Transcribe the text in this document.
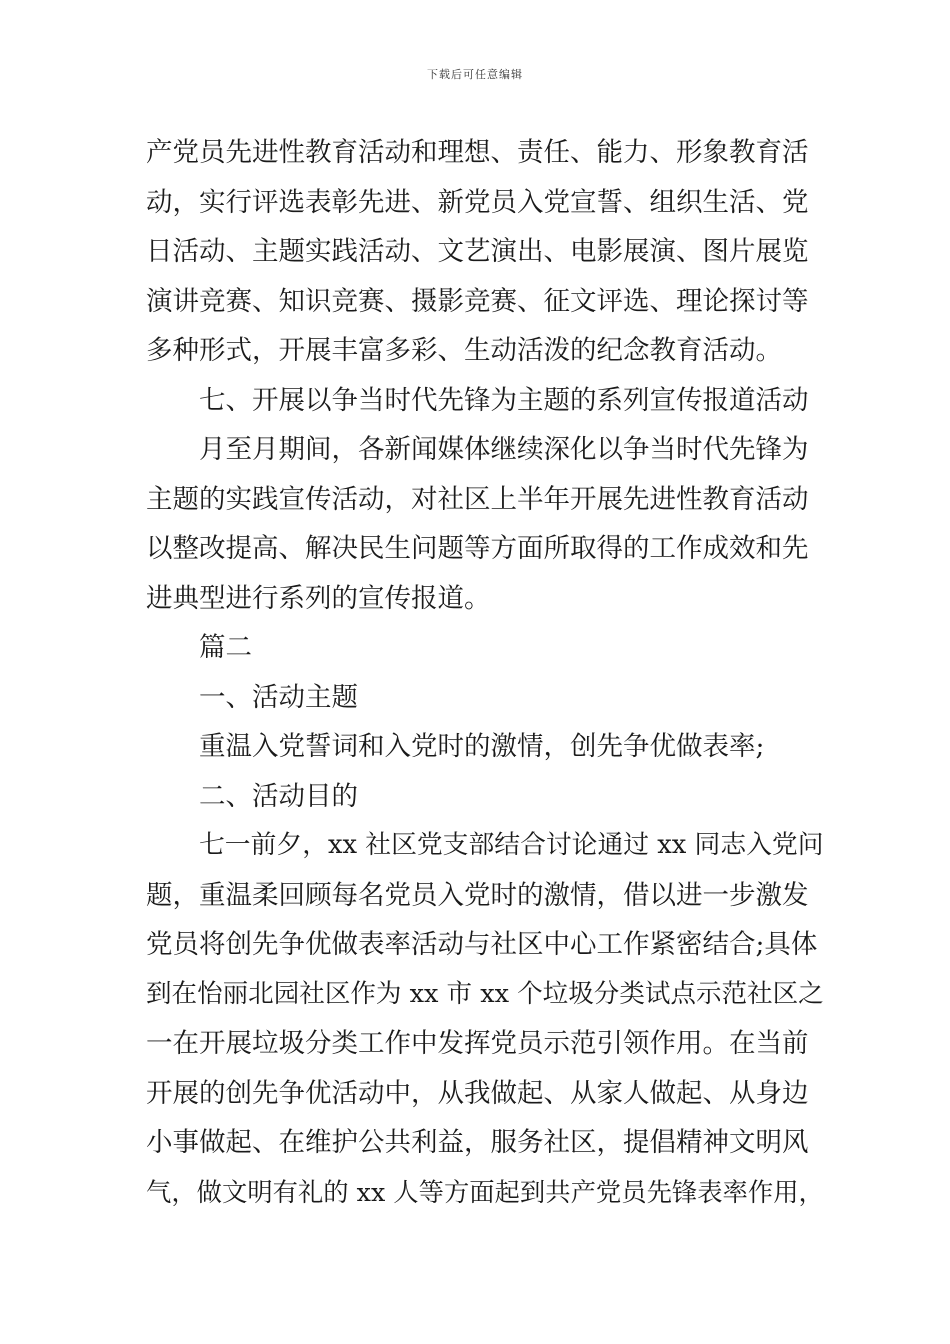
下载后可任意编辑
产党员先进性教育活动和理想、责任、能力、形象教育活
动，实行评选表彰先进、新党员入党宣誓、组织生活、党
日活动、主题实践活动、文艺演出、电影展演、图片展览
演讲竞赛、知识竞赛、摄影竞赛、征文评选、理论探讨等
多种形式，开展丰富多彩、生动活泼的纪念教育活动。
七、开展以争当时代先锋为主题的系列宣传报道活动
月至月期间，各新闻媒体继续深化以争当时代先锋为
主题的实践宣传活动，对社区上半年开展先进性教育活动
以整改提高、解决民生问题等方面所取得的工作成效和先
进典型进行系列的宣传报道。
篇二
一、活动主题
重温入党誓词和入党时的激情，创先争优做表率;
二、活动目的
七一前夕，xx 社区党支部结合讨论通过 xx 同志入党问
题，重温柔回顾每名党员入党时的激情，借以进一步激发
党员将创先争优做表率活动与社区中心工作紧密结合;具体
到在怡丽北园社区作为 xx 市 xx 个垃圾分类试点示范社区之
一在开展垃圾分类工作中发挥党员示范引领作用。在当前
开展的创先争优活动中，从我做起、从家人做起、从身边
小事做起、在维护公共利益，服务社区，提倡精神文明风
气，做文明有礼的 xx 人等方面起到共产党员先锋表率作用，
